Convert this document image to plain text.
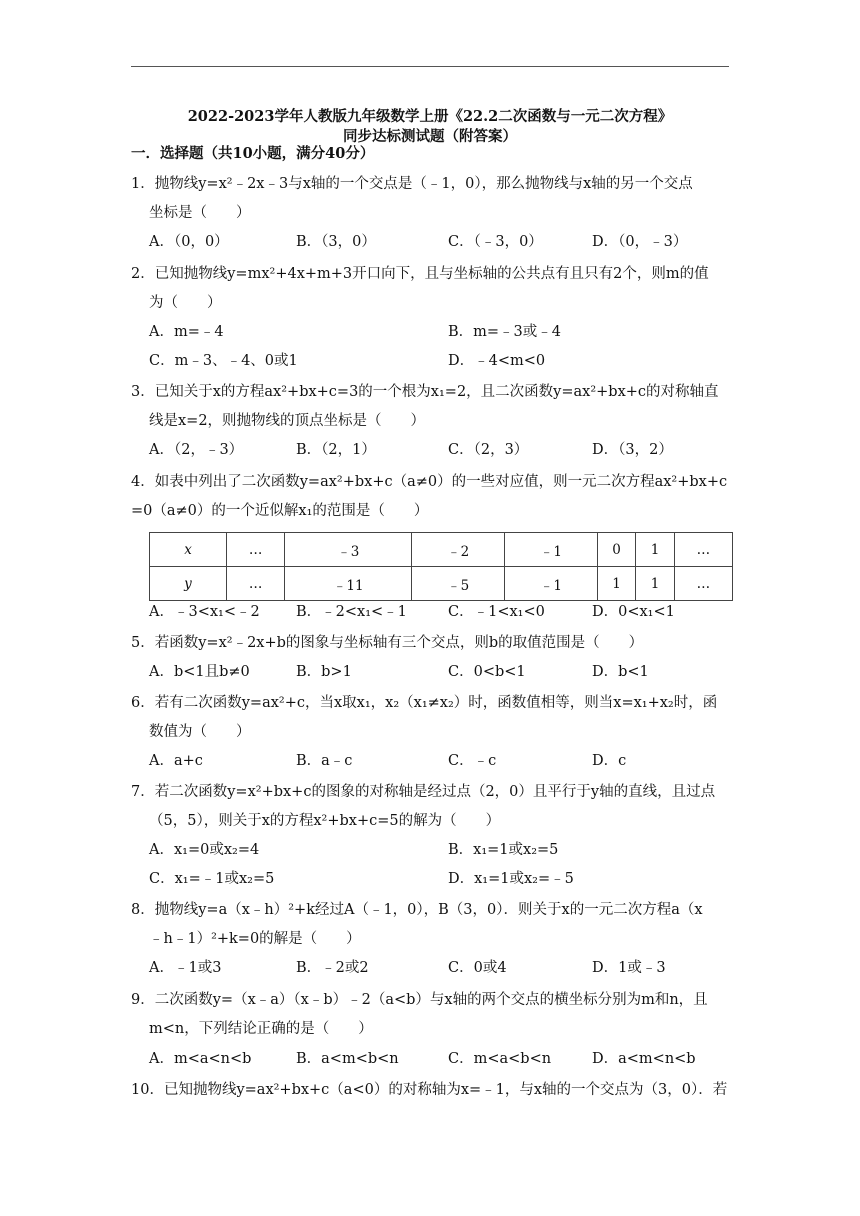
2022-2023学年人教版九年级数学上册《22.2二次函数与一元二次方程》
同步达标测试题（附答案）
一．选择题（共10小题，满分40分）
1．抛物线y=x²﹣2x﹣3与x轴的一个交点是（﹣1，0），那么抛物线与x轴的另一个交点
坐标是（　　）
A．（0，0）	B．（3，0）	C．（﹣3，0）	D．（0，﹣3）
2．已知抛物线y=mx²+4x+m+3开口向下，且与坐标轴的公共点有且只有2个，则m的值
为（　　）
A．m=﹣4	B．m=﹣3或﹣4
C．m﹣3、﹣4、0或1	D．﹣4<m<0
3．已知关于x的方程ax²+bx+c=3的一个根为x₁=2，且二次函数y=ax²+bx+c的对称轴直
线是x=2，则抛物线的顶点坐标是（　　）
A．（2，﹣3）	B．（2，1）	C．（2，3）	D．（3，2）
4．如表中列出了二次函数y=ax²+bx+c（a≠0）的一些对应值，则一元二次方程ax²+bx+c
=0（a≠0）的一个近似解x₁的范围是（　　）
x	…	﹣3	﹣2	﹣1	0	1	…
y	…	﹣11	﹣5	﹣1	1	1	…
A．﹣3<x₁<﹣2	B．﹣2<x₁<﹣1	C．﹣1<x₁<0	D．0<x₁<1
5．若函数y=x²﹣2x+b的图象与坐标轴有三个交点，则b的取值范围是（　　）
A．b<1且b≠0	B．b>1	C．0<b<1	D．b<1
6．若有二次函数y=ax²+c，当x取x₁，x₂（x₁≠x₂）时，函数值相等，则当x=x₁+x₂时，函
数值为（　　）
A．a+c	B．a﹣c	C．﹣c	D．c
7．若二次函数y=x²+bx+c的图象的对称轴是经过点（2，0）且平行于y轴的直线，且过点
（5，5），则关于x的方程x²+bx+c=5的解为（　　）
A．x₁=0或x₂=4	B．x₁=1或x₂=5
C．x₁=﹣1或x₂=5	D．x₁=1或x₂=﹣5
8．抛物线y=a（x﹣h）²+k经过A（﹣1，0），B（3，0）．则关于x的一元二次方程a（x
﹣h﹣1）²+k=0的解是（　　）
A．﹣1或3	B．﹣2或2	C．0或4	D．1或﹣3
9．二次函数y=（x﹣a）（x﹣b）﹣2（a<b）与x轴的两个交点的横坐标分别为m和n，且
m<n，下列结论正确的是（　　）
A．m<a<n<b	B．a<m<b<n	C．m<a<b<n	D．a<m<n<b
10．已知抛物线y=ax²+bx+c（a<0）的对称轴为x=﹣1，与x轴的一个交点为（3，0）．若
